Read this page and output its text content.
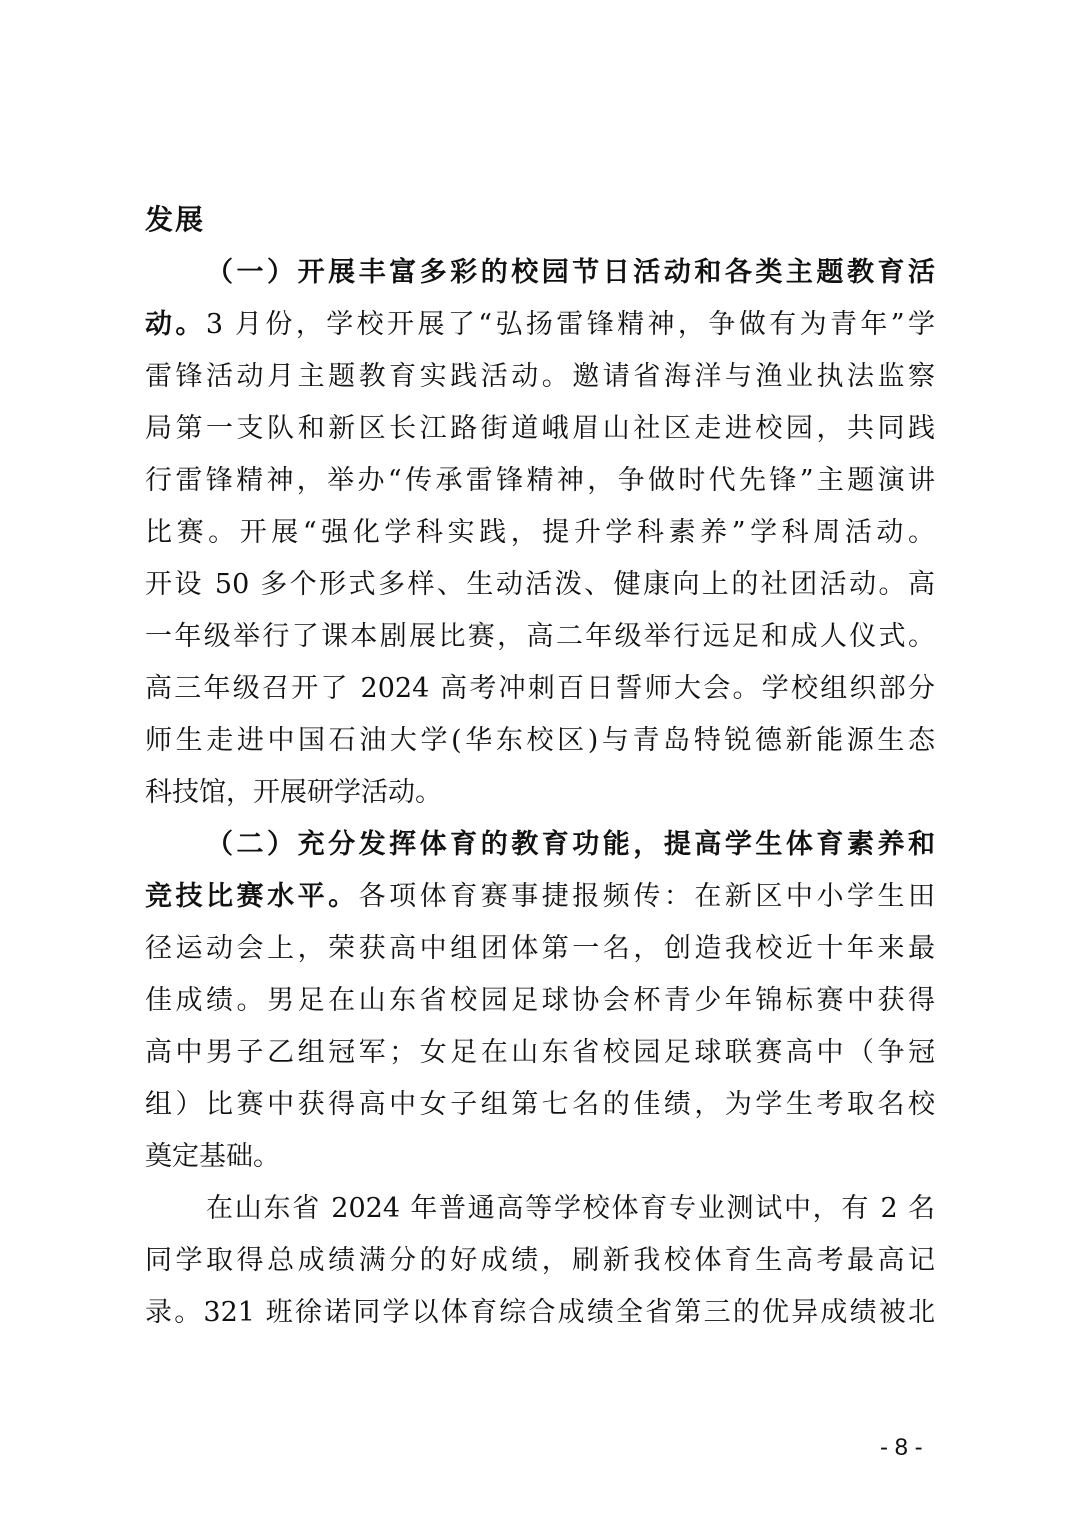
发展
（一）开展丰富多彩的校园节日活动和各类主题教育活
动。3 月份，学校开展了“弘扬雷锋精神，争做有为青年”学
雷锋活动月主题教育实践活动。邀请省海洋与渔业执法监察
局第一支队和新区长江路街道峨眉山社区走进校园，共同践
行雷锋精神，举办“传承雷锋精神，争做时代先锋”主题演讲
比赛。开展“强化学科实践，提升学科素养”学科周活动。
开设 50 多个形式多样、生动活泼、健康向上的社团活动。高
一年级举行了课本剧展比赛，高二年级举行远足和成人仪式。
高三年级召开了 2024 高考冲刺百日誓师大会。学校组织部分
师生走进中国石油大学(华东校区)与青岛特锐德新能源生态
科技馆，开展研学活动。
（二）充分发挥体育的教育功能，提高学生体育素养和
竞技比赛水平。各项体育赛事捷报频传：在新区中小学生田
径运动会上，荣获高中组团体第一名，创造我校近十年来最
佳成绩。男足在山东省校园足球协会杯青少年锦标赛中获得
高中男子乙组冠军；女足在山东省校园足球联赛高中（争冠
组）比赛中获得高中女子组第七名的佳绩，为学生考取名校
奠定基础。
在山东省 2024 年普通高等学校体育专业测试中，有 2 名
同学取得总成绩满分的好成绩，刷新我校体育生高考最高记
录。321 班徐诺同学以体育综合成绩全省第三的优异成绩被北
- 8 -
